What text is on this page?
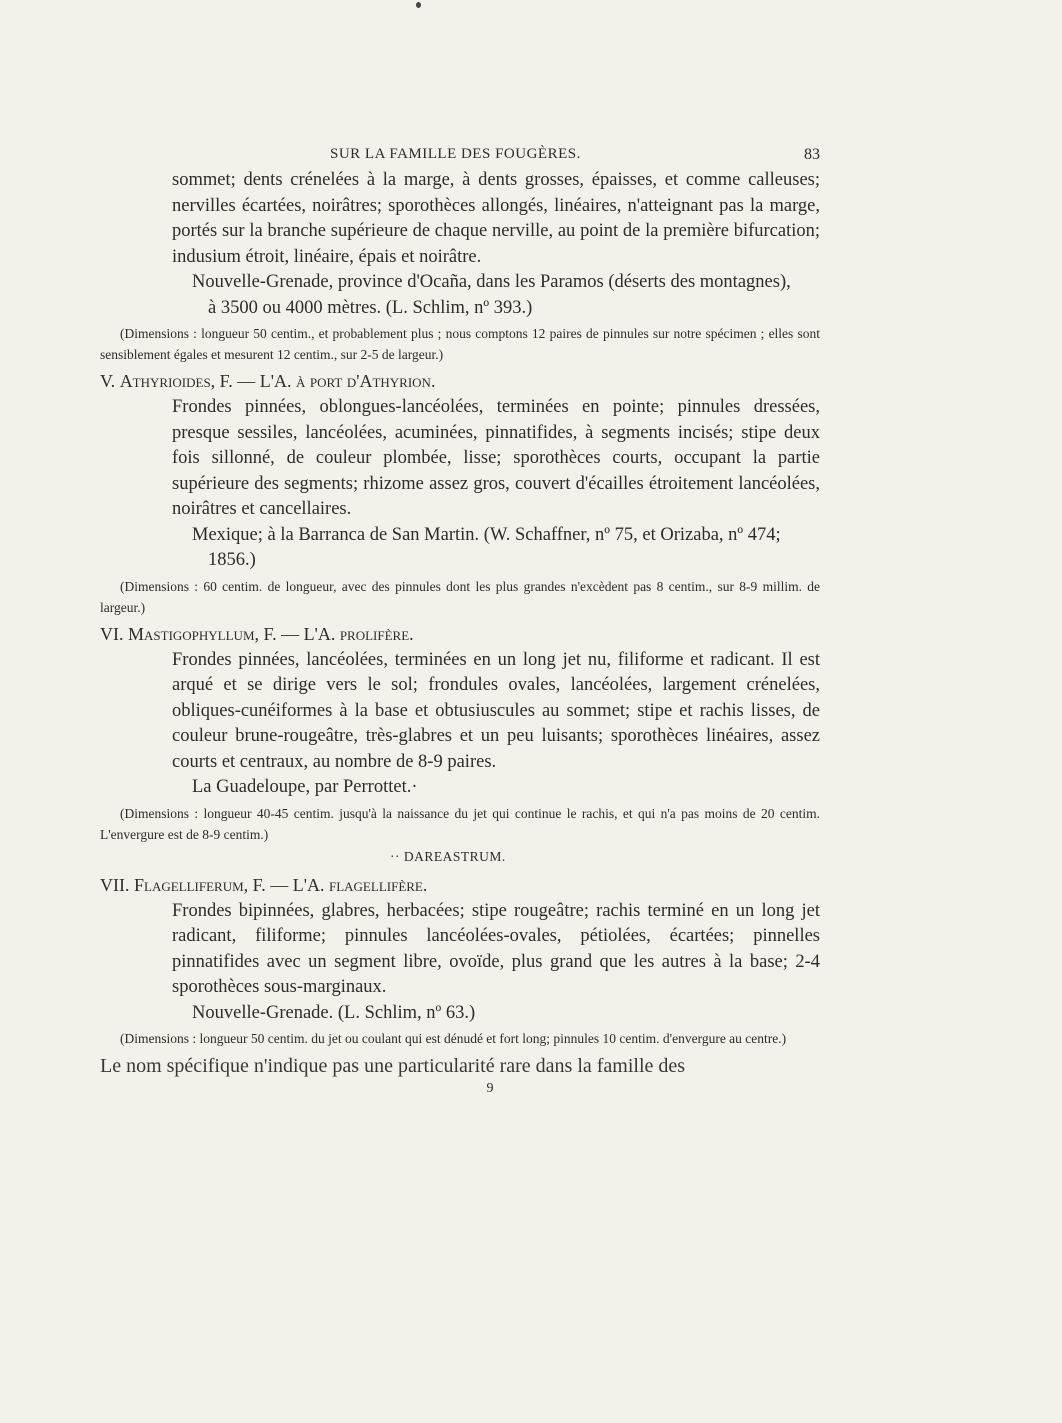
SUR LA FAMILLE DES FOUGÈRES.	83

sommet; dents crénelées à la marge, à dents grosses, épaisses, et comme calleuses; nervilles écartées, noirâtres; sporothèces allongés, linéaires, n'atteignant pas la marge, portés sur la branche supérieure de chaque nerville, au point de la première bifurcation; indusium étroit, linéaire, épais et noirâtre.

Nouvelle-Grenade, province d'Ocaña, dans les Paramos (déserts des montagnes),
à 3500 ou 4000 mètres. (L. Schlim, nº 393.)

(Dimensions : longueur 50 centim., et probablement plus ; nous comptons 12 paires de pinnules sur notre spécimen ; elles sont sensiblement égales et mesurent 12 centim., sur 2-5 de largeur.)

V. Athyrioides, F. — L'A. à port d'Athyrion.

Frondes pinnées, oblongues-lancéolées, terminées en pointe; pinnules dressées, presque sessiles, lancéolées, acuminées, pinnatifides, à segments incisés; stipe deux fois sillonné, de couleur plombée, lisse; sporothèces courts, occupant la partie supérieure des segments; rhizome assez gros, couvert d'écailles étroitement lancéolées, noirâtres et cancellaires.

Mexique; à la Barranca de San Martin. (W. Schaffner, nº 75, et Orizaba, nº 474;
1856.)

(Dimensions : 60 centim. de longueur, avec des pinnules dont les plus grandes n'excèdent pas 8 centim., sur 8-9 millim. de largeur.)

VI. Mastigophyllum, F. — L'A. prolifère.

Frondes pinnées, lancéolées, terminées en un long jet nu, filiforme et radicant. Il est arqué et se dirige vers le sol; frondules ovales, lancéolées, largement crénelées, obliques-cunéiformes à la base et obtusiuscules au sommet; stipe et rachis lisses, de couleur brune-rougeâtre, très-glabres et un peu luisants; sporothèces linéaires, assez courts et centraux, au nombre de 8-9 paires.

La Guadeloupe, par Perrottet.·

(Dimensions : longueur 40-45 centim. jusqu'à la naissance du jet qui continue le rachis, et qui n'a pas moins de 20 centim. L'envergure est de 8-9 centim.)

·· DAREASTRUM.

VII. Flagelliferum, F. — L'A. flagellifère.

Frondes bipinnées, glabres, herbacées; stipe rougeâtre; rachis terminé en un long jet radicant, filiforme; pinnules lancéolées-ovales, pétiolées, écartées; pinnelles pinnatifides avec un segment libre, ovoïde, plus grand que les autres à la base; 2-4 sporothèces sous-marginaux.

Nouvelle-Grenade. (L. Schlim, nº 63.)

(Dimensions : longueur 50 centim. du jet ou coulant qui est dénudé et fort long; pinnules 10 centim. d'envergure au centre.)

Le nom spécifique n'indique pas une particularité rare dans la famille des

9
